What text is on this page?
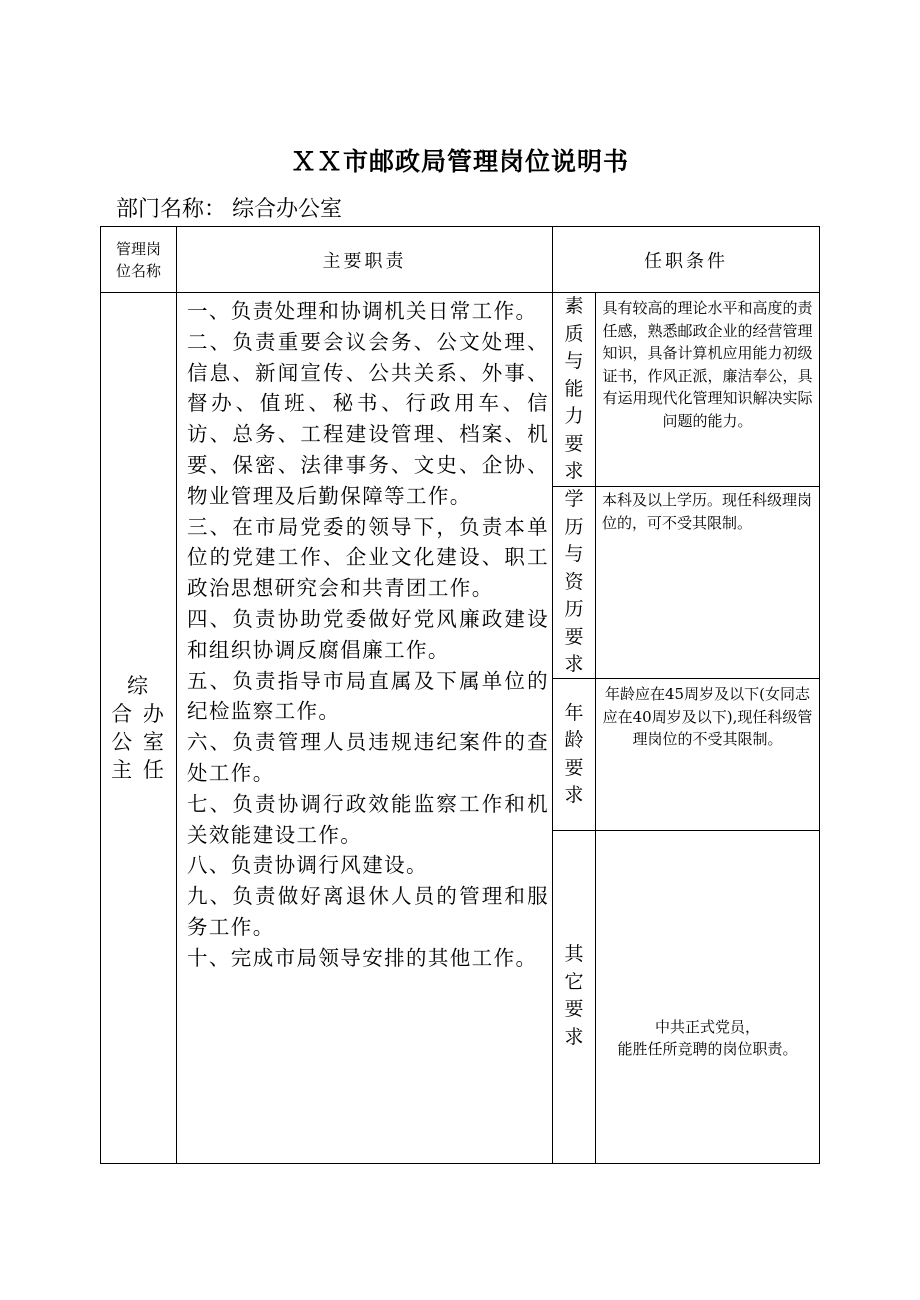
ＸＸ市邮政局管理岗位说明书
部门名称： 综合办公室
管理岗
位名称	主要职责	任职条件
综
合 办
公 室
主 任
素质与能力要求
学历与资历要求
年龄要求
其它要求
具有较高的理论水平和高度的责任感，熟悉邮政企业的经营管理知识，具备计算机应用能力初级证书，作风正派，廉洁奉公，具有运用现代化管理知识解决实际问题的能力。
本科及以上学历。现任科级理岗位的，可不受其限制。
年龄应在45周岁及以下(女同志应在40周岁及以下),现任科级管理岗位的不受其限制。
中共正式党员，
能胜任所竞聘的岗位职责。
一、负责处理和协调机关日常工作。
二、负责重要会议会务、公文处理、信息、新闻宣传、公共关系、外事、督办、值班、秘书、行政用车、信访、总务、工程建设管理、档案、机要、保密、法律事务、文史、企协、物业管理及后勤保障等工作。
三、在市局党委的领导下，负责本单位的党建工作、企业文化建设、职工政治思想研究会和共青团工作。
四、负责协助党委做好党风廉政建设和组织协调反腐倡廉工作。
五、负责指导市局直属及下属单位的纪检监察工作。
六、负责管理人员违规违纪案件的查处工作。
七、负责协调行政效能监察工作和机关效能建设工作。
八、负责协调行风建设。
九、负责做好离退休人员的管理和服务工作。
十、完成市局领导安排的其他工作。
